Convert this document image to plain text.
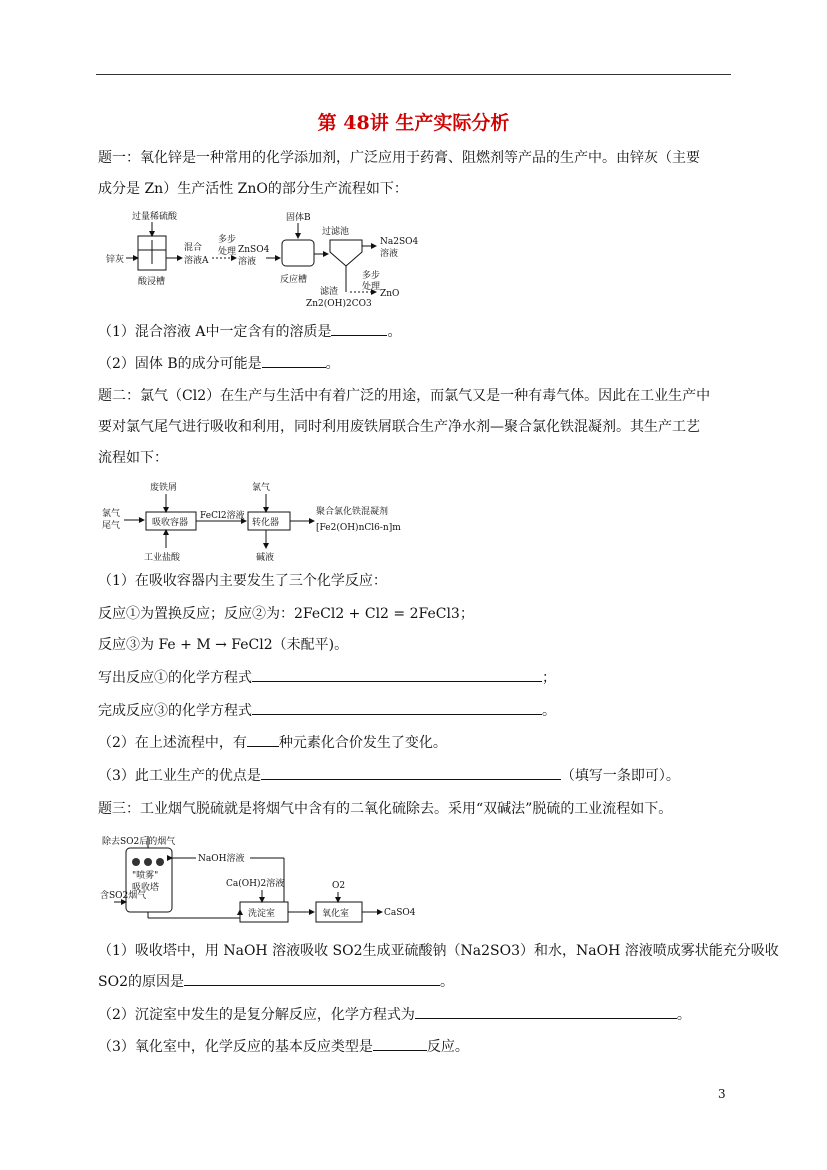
第 48讲 生产实际分析
题一：氧化锌是一种常用的化学添加剂，广泛应用于药膏、阻燃剂等产品的生产中。由锌灰（主要
成分是 Zn）生产活性 ZnO的部分生产流程如下：
过量稀硫酸
锌灰
酸浸槽
混合
溶液A
多步
处理 ZnSO4
溶液
固体B
反应槽
过滤池
Na2SO4
溶液
多步
处理
滤渣	ZnO
Zn2(OH)2CO3
（1）混合溶液 A中一定含有的溶质是	。
（2）固体 B的成分可能是	。
题二：氯气（Cl2）在生产与生活中有着广泛的用途，而氯气又是一种有毒气体。因此在工业生产中
要对氯气尾气进行吸收和利用，同时利用废铁屑联合生产净水剂—聚合氯化铁混凝剂。其生产工艺
流程如下：
废铁屑
氯气
尾气	吸收容器
FeCl2溶液
氯气
转化器
聚合氯化铁混凝剂
[Fe2(OH)nCl6-n]m
工业盐酸	碱液
（1）在吸收容器内主要发生了三个化学反应：
反应①为置换反应；反应②为：2FeCl2 + Cl2 = 2FeCl3；
反应③为 Fe + M → FeCl2（未配平)。
写出反应①的化学方程式	；
完成反应③的化学方程式	。
（2）在上述流程中，有 种元素化合价发生了变化。
（3）此工业生产的优点是	（填写一条即可）。
题三：工业烟气脱硫就是将烟气中含有的二氧化硫除去。采用“双碱法”脱硫的工业流程如下。
除去SO2后的烟气
NaOH溶液
"喷雾"
吸收塔	Ca(OH)2溶液
含SO2烟气
洗淀室
O2
氧化室	CaSO4
（1）吸收塔中，用 NaOH 溶液吸收 SO2生成亚硫酸钠（Na2SO3）和水，NaOH 溶液喷成雾状能充分吸收
SO2的原因是	。
（2）沉淀室中发生的是复分解反应，化学方程式为	。
（3）氧化室中，化学反应的基本反应类型是	反应。
3
